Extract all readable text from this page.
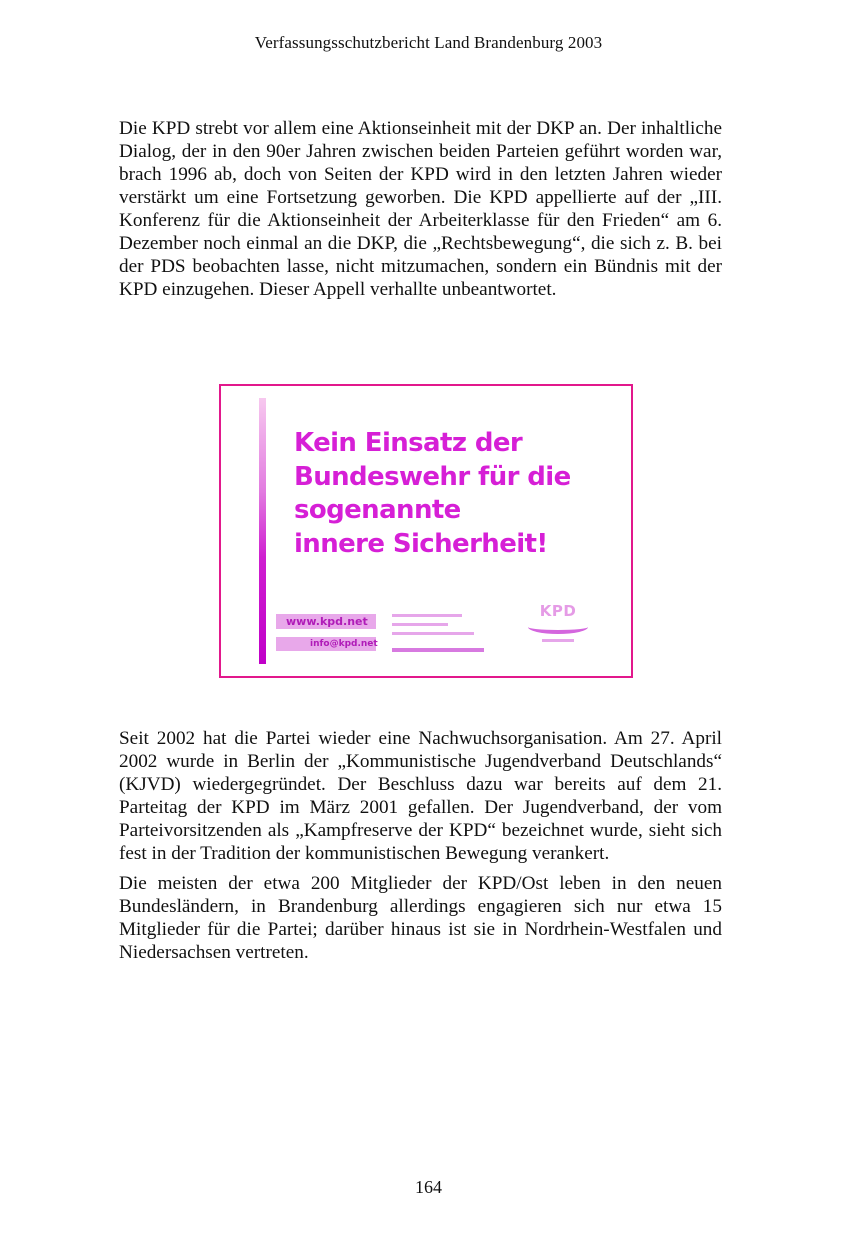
Verfassungsschutzbericht Land Brandenburg 2003

Die KPD strebt vor allem eine Aktionseinheit mit der DKP an. Der inhaltliche Dialog, der in den 90er Jahren zwischen beiden Parteien geführt worden war, brach 1996 ab, doch von Seiten der KPD wird in den letzten Jahren wieder verstärkt um eine Fortsetzung geworben. Die KPD appellierte auf der „III. Konferenz für die Aktionseinheit der Arbeiterklasse für den Frieden“ am 6. Dezember noch einmal an die DKP, die „Rechtsbewegung“, die sich z. B. bei der PDS beobachten lasse, nicht mitzumachen, sondern ein Bündnis mit der KPD einzugehen. Dieser Appell verhallte unbeantwortet.

Kein Einsatz der
Bundeswehr für die
sogenannte
innere Sicherheit!
www.kpd.net
info@kpd.net
KPD

Seit 2002 hat die Partei wieder eine Nachwuchsorganisation. Am 27. April 2002 wurde in Berlin der „Kommunistische Jugendverband Deutschlands“ (KJVD) wiedergegründet. Der Beschluss dazu war bereits auf dem 21. Parteitag der KPD im März 2001 gefallen. Der Jugendverband, der vom Parteivorsitzenden als „Kampfreserve der KPD“ bezeichnet wurde, sieht sich fest in der Tradition der kommunistischen Bewegung verankert.

Die meisten der etwa 200 Mitglieder der KPD/Ost leben in den neuen Bundesländern, in Brandenburg allerdings engagieren sich nur etwa 15 Mitglieder für die Partei; darüber hinaus ist sie in Nordrhein-Westfalen und Niedersachsen vertreten.

164
